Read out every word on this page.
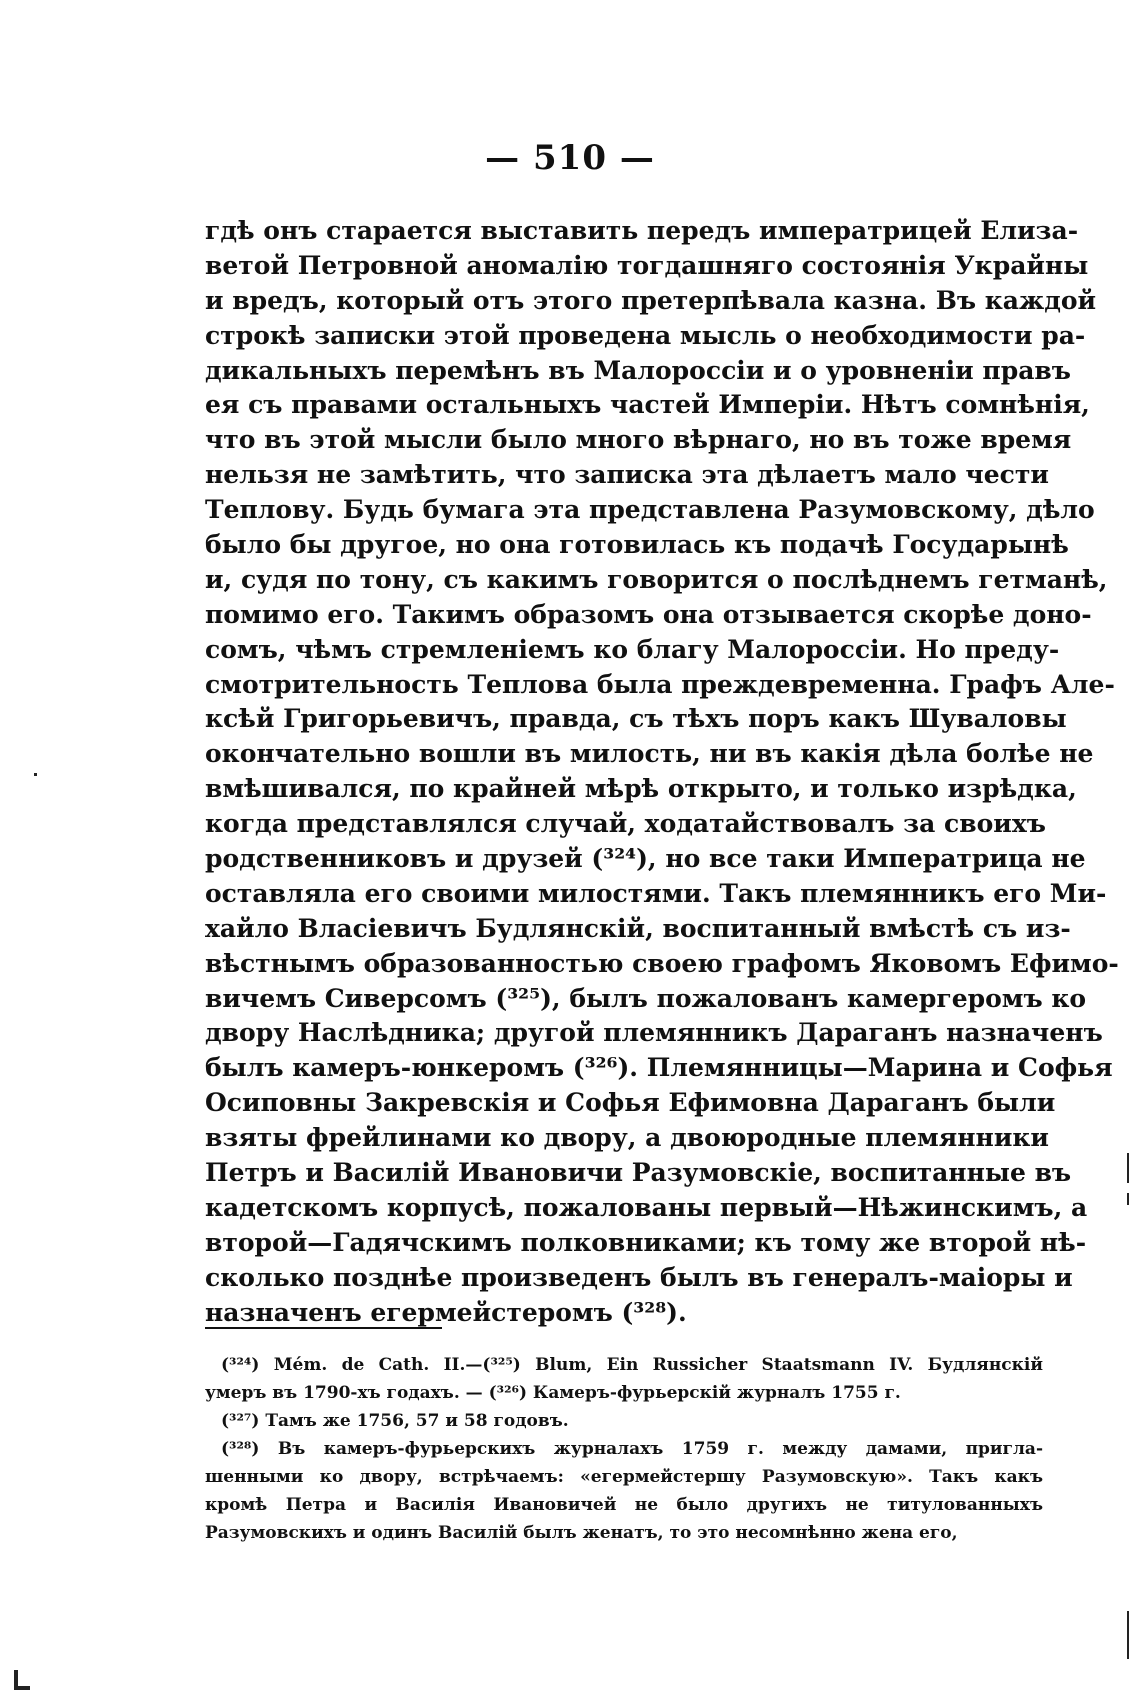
— 510 —
гдѣ онъ старается выставить передъ императрицей Елиза-
ветой Петровной аномалію тогдашняго состоянія Украйны
и вредъ, который отъ этого претерпѣвала казна. Въ каждой
строкѣ записки этой проведена мысль о необходимости ра-
дикальныхъ перемѣнъ въ Малороссіи и о уровненіи правъ
ея съ правами остальныхъ частей Имперіи. Нѣтъ сомнѣнія,
что въ этой мысли было много вѣрнаго, но въ тоже время
нельзя не замѣтить, что записка эта дѣлаетъ мало чести
Теплову. Будь бумага эта представлена Разумовскому, дѣло
было бы другое, но она готовилась къ подачѣ Государынѣ
и, судя по тону, съ какимъ говорится о послѣднемъ гетманѣ,
помимо его. Такимъ образомъ она отзывается скорѣе доно-
сомъ, чѣмъ стремленіемъ ко благу Малороссіи. Но преду-
смотрительность Теплова была преждевременна. Графъ Але-
ксѣй Григорьевичъ, правда, съ тѣхъ поръ какъ Шуваловы
окончательно вошли въ милость, ни въ какія дѣла болѣе не
вмѣшивался, по крайней мѣрѣ открыто, и только изрѣдка,
когда представлялся случай, ходатайствовалъ за своихъ
родственниковъ и друзей (³²⁴), но все таки Императрица не
оставляла его своими милостями. Такъ племянникъ его Ми-
хайло Власіевичъ Будлянскій, воспитанный вмѣстѣ съ из-
вѣстнымъ образованностью своею графомъ Яковомъ Ефимо-
вичемъ Сиверсомъ (³²⁵), былъ пожалованъ камергеромъ ко
двору Наслѣдника; другой племянникъ Дараганъ назначенъ
былъ камеръ-юнкеромъ (³²⁶). Племянницы—Марина и Софья
Осиповны Закревскія и Софья Ефимовна Дараганъ были
взяты фрейлинами ко двору, а двоюродные племянники
Петръ и Василій Ивановичи Разумовскіе, воспитанные въ
кадетскомъ корпусѣ, пожалованы первый—Нѣжинскимъ, а
второй—Гадячскимъ полковниками; къ тому же второй нѣ-
сколько позднѣе произведенъ былъ въ генералъ-маіоры и
назначенъ егермейстеромъ (³²⁸).
(³²⁴) Mém. de Cath. II.—(³²⁵) Blum, Ein Russicher Staatsmann IV. Будлянскій
умеръ въ 1790-хъ годахъ. — (³²⁶) Камеръ-фурьерскій журналъ 1755 г.
(³²⁷) Тамъ же 1756, 57 и 58 годовъ.
(³²⁸) Въ камеръ-фурьерскихъ журналахъ 1759 г. между дамами, пригла-
шенными ко двору, встрѣчаемъ: «егермейстершу Разумовскую». Такъ какъ
кромѣ Петра и Василія Ивановичей не было другихъ не титулованныхъ
Разумовскихъ и одинъ Василій былъ женатъ, то это несомнѣнно жена его,
